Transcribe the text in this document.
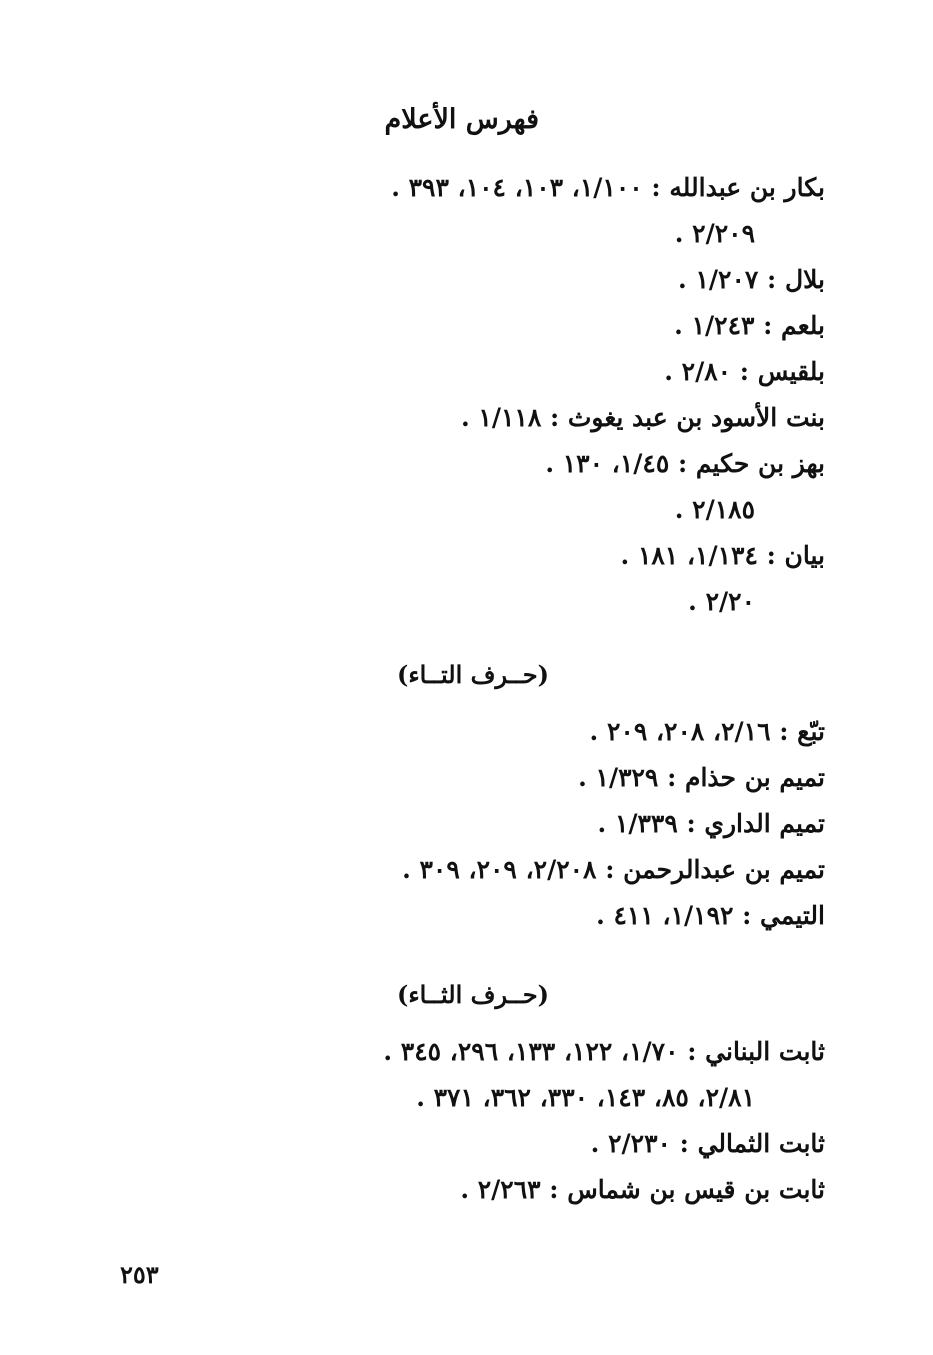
فهرس الأعلام
بكار بن عبدالله : ١/١٠٠، ١٠٣، ١٠٤، ٣٩٣ .
٢/٢٠٩ .
بلال : ١/٢٠٧ .
بلعم : ١/٢٤٣ .
بلقيس : ٢/٨٠ .
بنت الأسود بن عبد يغوث : ١/١١٨ .
بهز بن حكيم : ١/٤٥، ١٣٠ .
٢/١٨٥ .
بيان : ١/١٣٤، ١٨١ .
٢/٢٠ .
(حــرف التــاء)
تبّع : ٢/١٦، ٢٠٨، ٢٠٩ .
تميم بن حذام : ١/٣٢٩ .
تميم الداري : ١/٣٣٩ .
تميم بن عبدالرحمن : ٢/٢٠٨، ٢٠٩، ٣٠٩ .
التيمي : ١/١٩٢، ٤١١ .
(حــرف الثــاء)
ثابت البناني : ١/٧٠، ١٢٢، ١٣٣، ٢٩٦، ٣٤٥ .
٢/٨١، ٨٥، ١٤٣، ٣٣٠، ٣٦٢، ٣٧١ .
ثابت الثمالي : ٢/٢٣٠ .
ثابت بن قيس بن شماس : ٢/٢٦٣ .
٢٥٣
